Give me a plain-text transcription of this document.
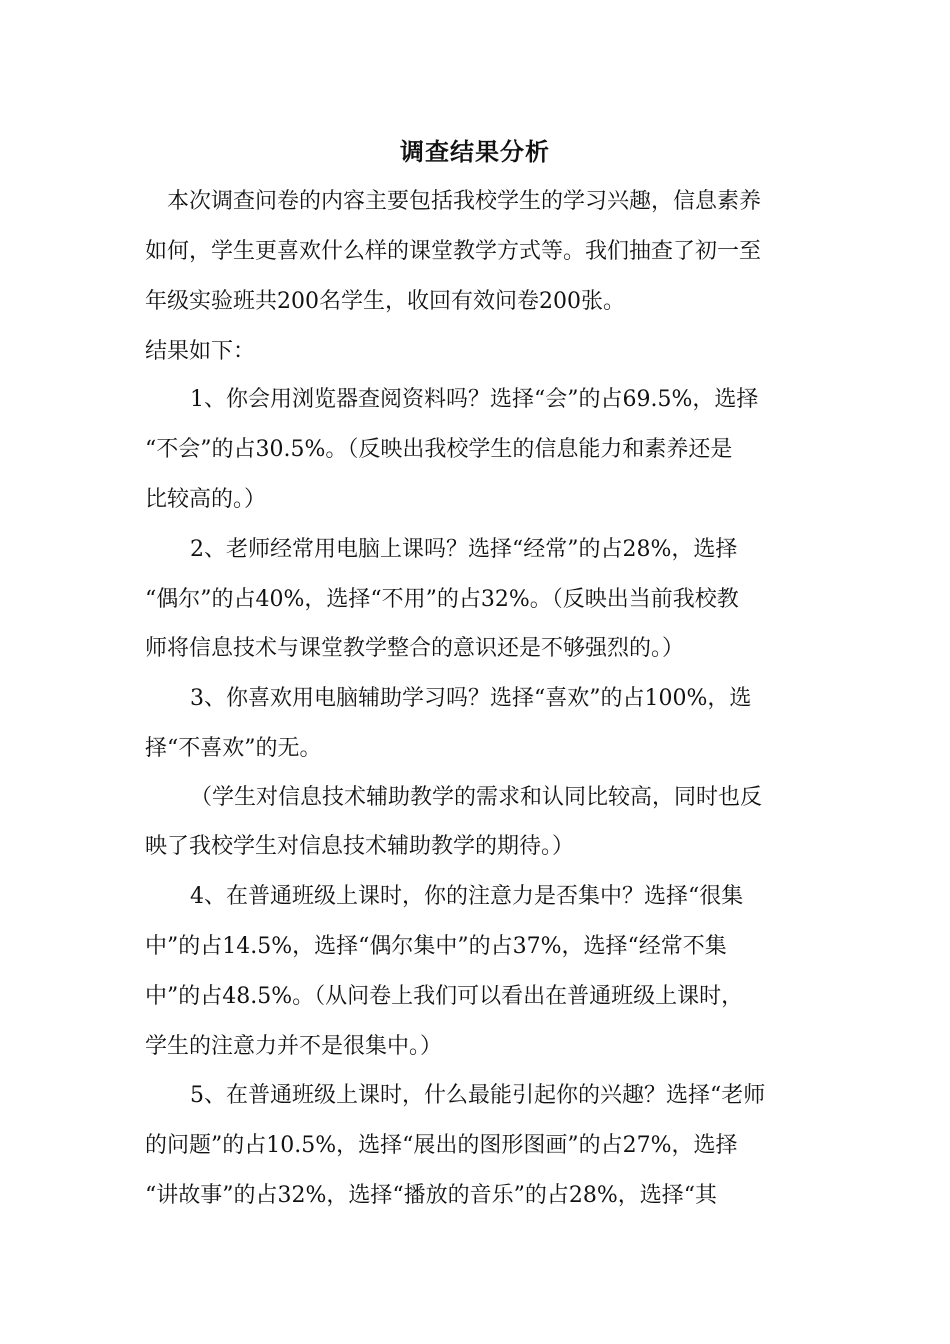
调查结果分析
本次调查问卷的内容主要包括我校学生的学习兴趣，信息素养
如何，学生更喜欢什么样的课堂教学方式等。我们抽查了初一至
年级实验班共200名学生，收回有效问卷200张。
结果如下：
1、你会用浏览器查阅资料吗？选择“会”的占69.5%，选择
“不会”的占30.5%。（反映出我校学生的信息能力和素养还是
比较高的。）
2、老师经常用电脑上课吗？选择“经常”的占28%，选择
“偶尔”的占40%，选择“不用”的占32%。（反映出当前我校教
师将信息技术与课堂教学整合的意识还是不够强烈的。）
3、你喜欢用电脑辅助学习吗？选择“喜欢”的占100%，选
择“不喜欢”的无。
（学生对信息技术辅助教学的需求和认同比较高，同时也反
映了我校学生对信息技术辅助教学的期待。）
4、在普通班级上课时，你的注意力是否集中？选择“很集
中”的占14.5%，选择“偶尔集中”的占37%，选择“经常不集
中”的占48.5%。（从问卷上我们可以看出在普通班级上课时，
学生的注意力并不是很集中。）
5、在普通班级上课时，什么最能引起你的兴趣？选择“老师
的问题”的占10.5%，选择“展出的图形图画”的占27%，选择
“讲故事”的占32%，选择“播放的音乐”的占28%，选择“其
